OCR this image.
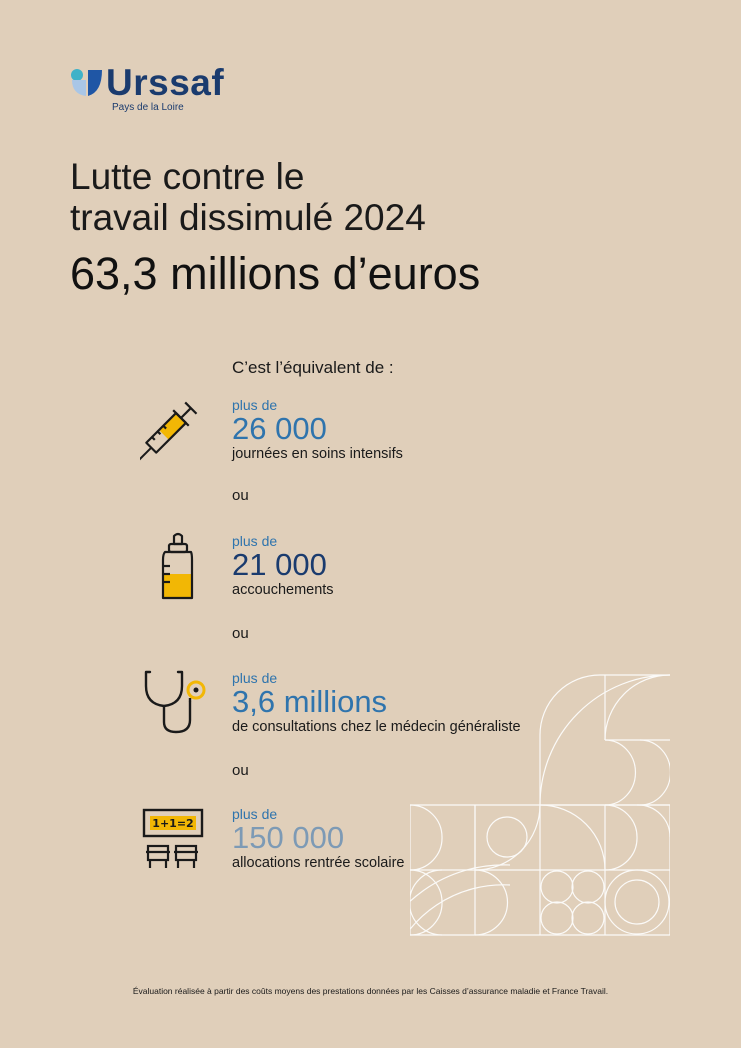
Urssaf
Pays de la Loire
Lutte contre le
travail dissimulé 2024
63,3 millions d’euros
C’est l’équivalent de :
plus de
26 000
journées en soins intensifs
ou
plus de
21 000
accouchements
ou
plus de
3,6 millions
de consultations chez le médecin généraliste
ou
1+1=2
plus de
150 000
allocations rentrée scolaire
Évaluation réalisée à partir des coûts moyens des prestations données par les Caisses d’assurance maladie et France Travail.
